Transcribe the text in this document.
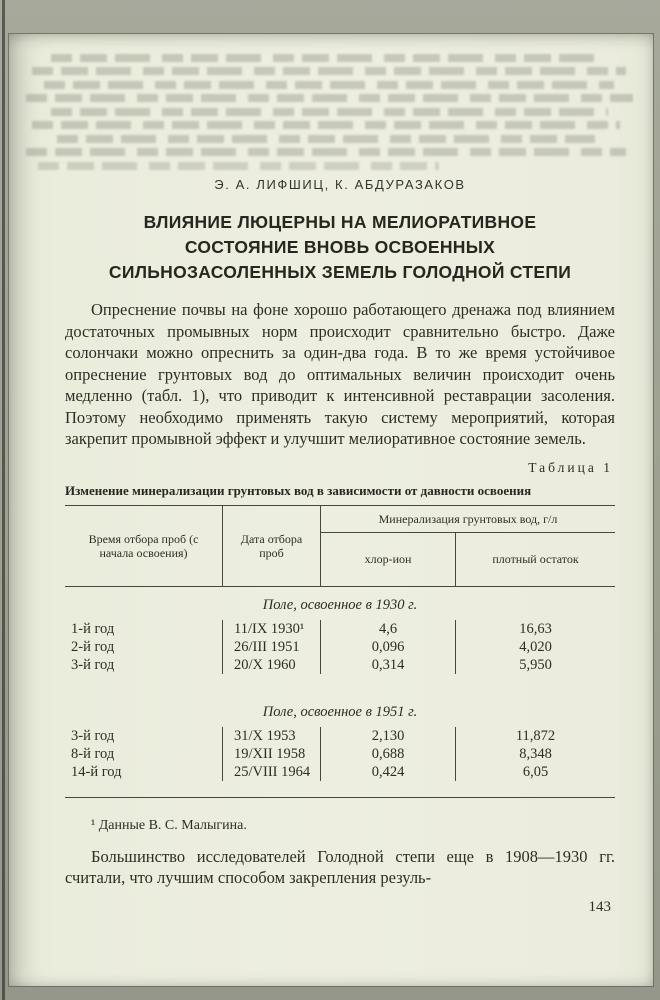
Э. А. ЛИФШИЦ, К. АБДУРАЗАКОВ
ВЛИЯНИЕ ЛЮЦЕРНЫ НА МЕЛИОРАТИВНОЕ
СОСТОЯНИЕ ВНОВЬ ОСВОЕННЫХ
СИЛЬНОЗАСОЛЕННЫХ ЗЕМЕЛЬ ГОЛОДНОЙ СТЕПИ

Опреснение почвы на фоне хорошо работающего дренажа под влиянием достаточных промывных норм происходит сравнительно быстро. Даже солончаки можно опреснить за один-два года. В то же время устойчивое опреснение грунтовых вод до оптимальных величин происходит очень медленно (табл. 1), что приводит к интенсивной реставрации засоления. Поэтому необходимо применять такую систему мероприятий, которая закрепит промывной эффект и улучшит мелиоративное состояние земель.

Таблица 1
Изменение минерализации грунтовых вод в зависимости от давности освоения
Время отбора проб (с начала освоения)
Дата отбора проб
Минерализация грунтовых вод, г/л
хлор-ион	плотный остаток
Поле, освоенное в 1930 г.
1-й год	11/IX 1930¹	4,6	16,63
2-й год	26/III 1951	0,096	4,020
3-й год	20/X 1960	0,314	5,950
Поле, освоенное в 1951 г.
3-й год	31/X 1953	2,130	11,872
8-й год	19/XII 1958	0,688	8,348
14-й год	25/VIII 1964	0,424	6,05
¹ Данные В. С. Малыгина.

Большинство исследователей Голодной степи еще в 1908—1930 гг. считали, что лучшим способом закрепления резуль-

143
